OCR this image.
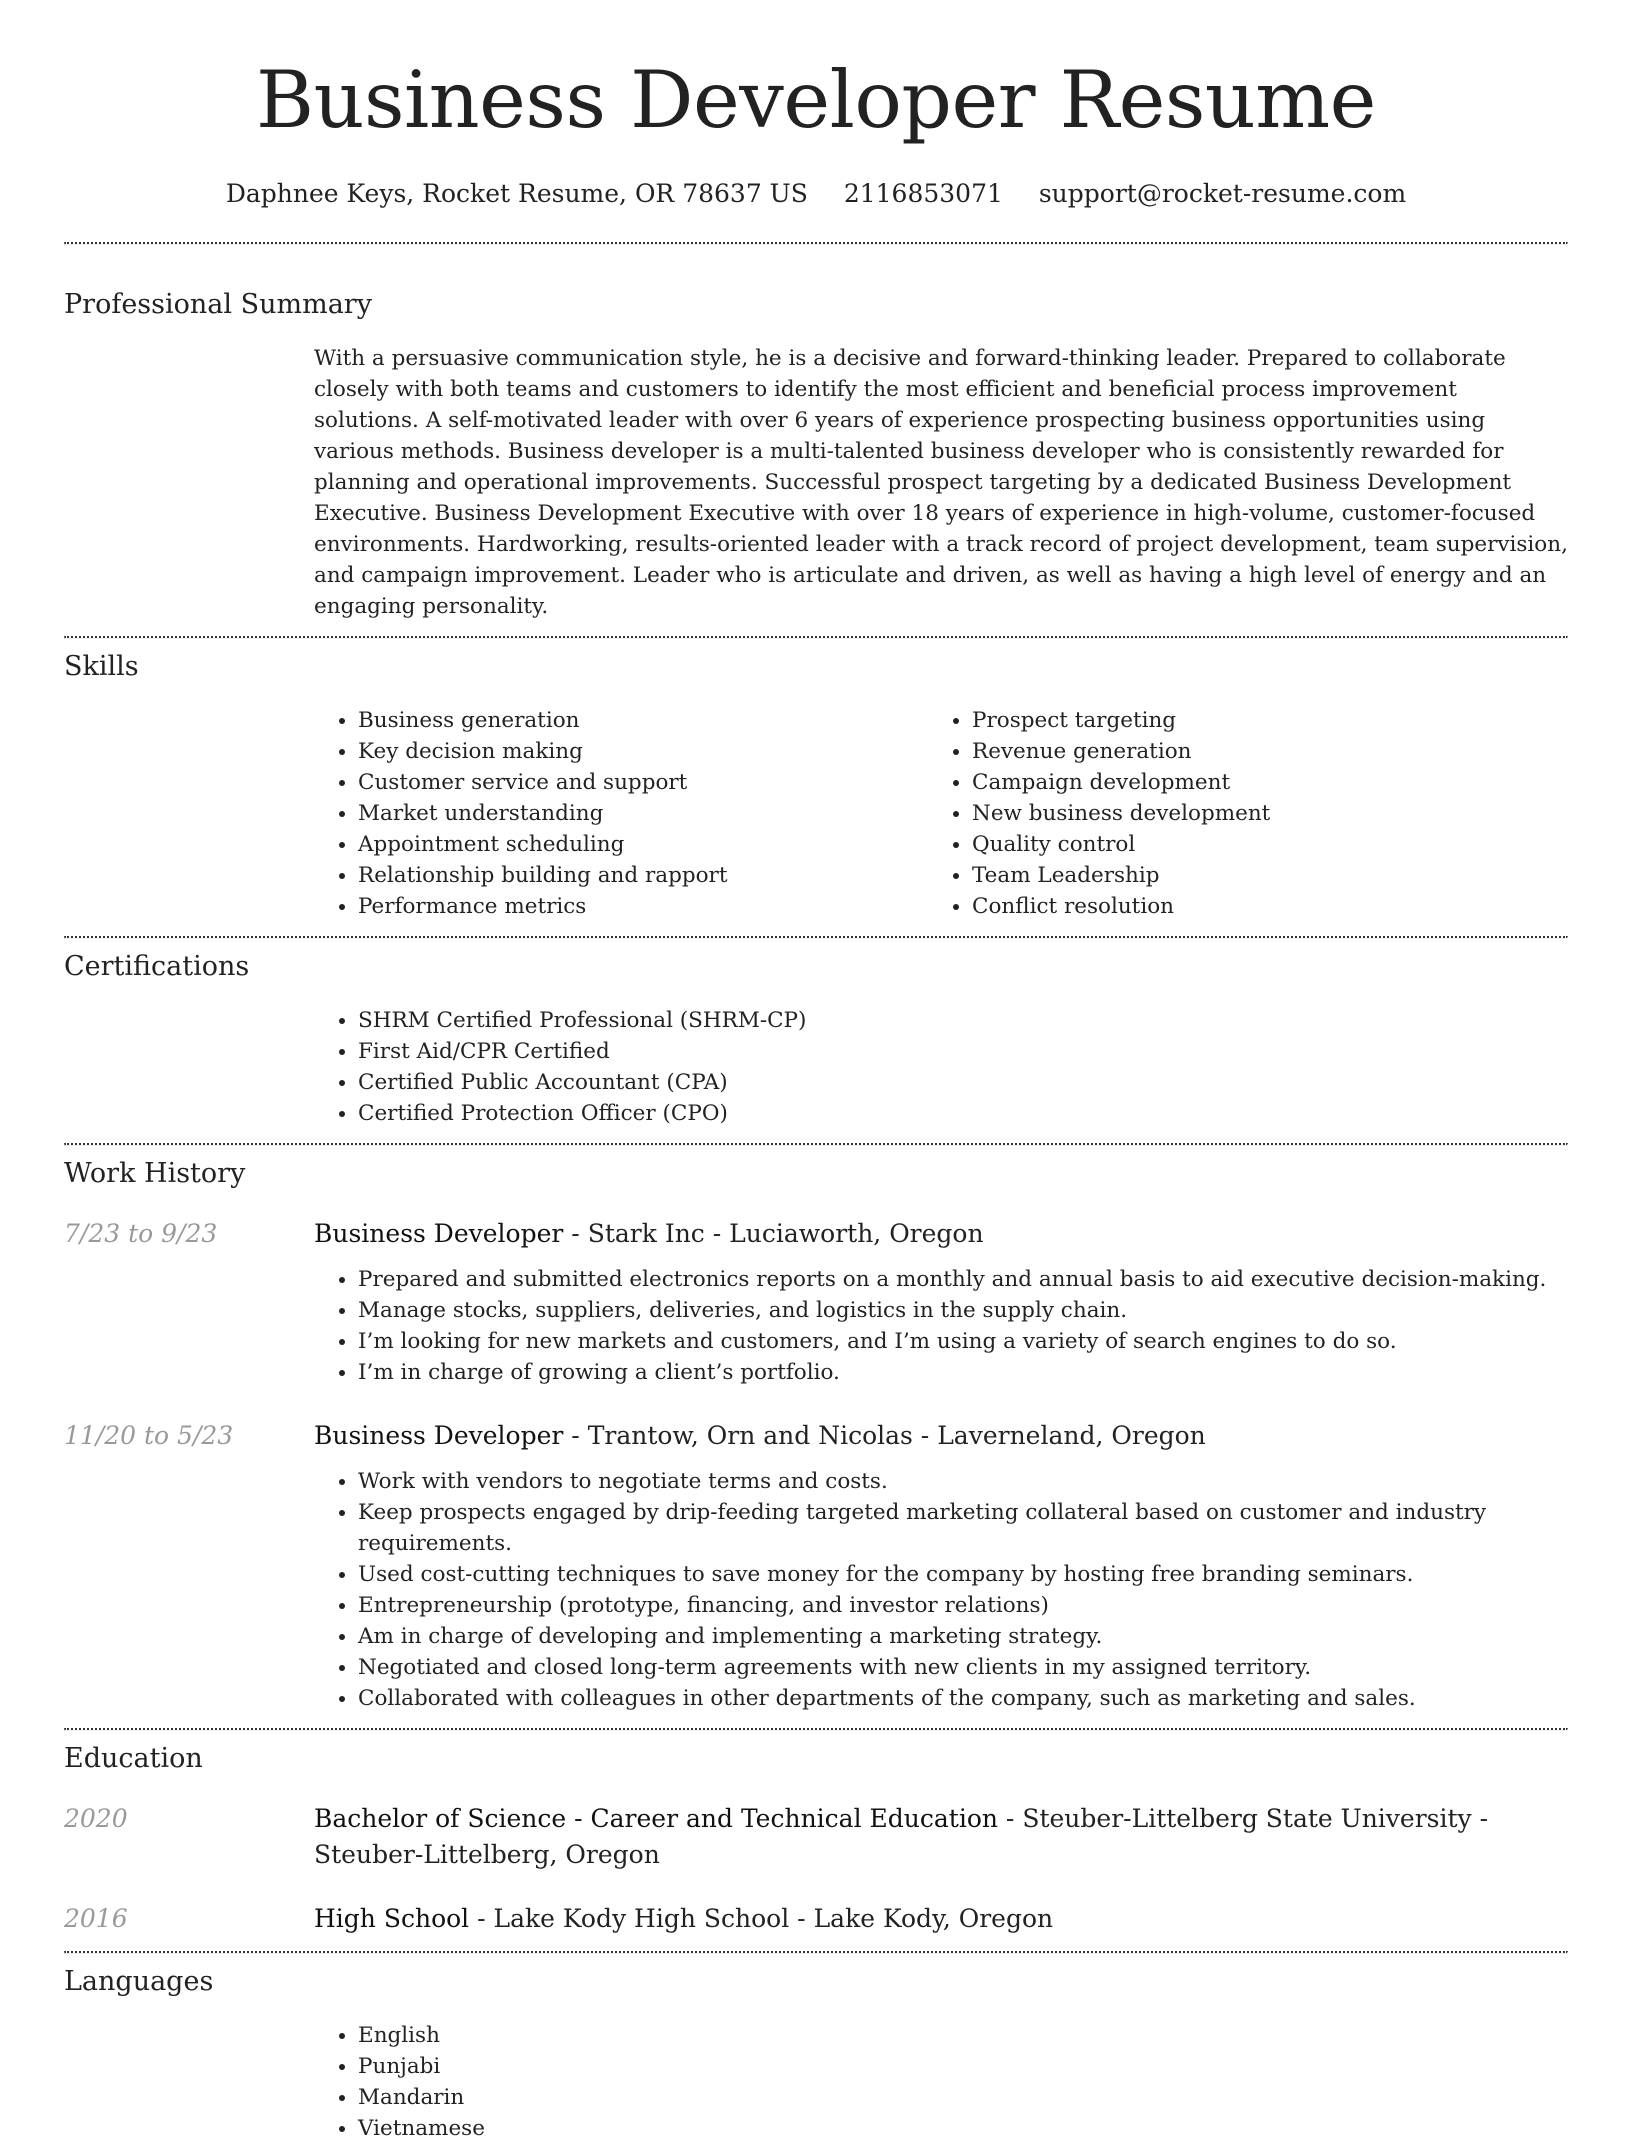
Business Developer Resume
Daphnee Keys, Rocket Resume, OR 78637 US 2116853071 support@rocket-resume.com
Professional Summary

With a persuasive communication style, he is a decisive and forward-thinking leader. Prepared to collaborate closely with both teams and customers to identify the most efficient and beneficial process improvement solutions. A self-motivated leader with over 6 years of experience prospecting business opportunities using various methods. Business developer is a multi-talented business developer who is consistently rewarded for planning and operational improvements. Successful prospect targeting by a dedicated Business Development Executive. Business Development Executive with over 18 years of experience in high-volume, customer-focused environments. Hardworking, results-oriented leader with a track record of project development, team supervision, and campaign improvement. Leader who is articulate and driven, as well as having a high level of energy and an engaging personality.

Skills
• Business generation
• Key decision making
• Customer service and support
• Market understanding
• Appointment scheduling
• Relationship building and rapport
• Performance metrics
• Prospect targeting
• Revenue generation
• Campaign development
• New business development
• Quality control
• Team Leadership
• Conflict resolution
Certifications
• SHRM Certified Professional (SHRM-CP)
• First Aid/CPR Certified
• Certified Public Accountant (CPA)
• Certified Protection Officer (CPO)
Work History
7/23 to 9/23	Business Developer - Stark Inc - Luciaworth, Oregon

• Prepared and submitted electronics reports on a monthly and annual basis to aid executive decision-making.
• Manage stocks, suppliers, deliveries, and logistics in the supply chain.
• I’m looking for new markets and customers, and I’m using a variety of search engines to do so.
• I’m in charge of growing a client’s portfolio.
11/20 to 5/23	Business Developer - Trantow, Orn and Nicolas - Laverneland, Oregon

• Work with vendors to negotiate terms and costs.
• Keep prospects engaged by drip-feeding targeted marketing collateral based on customer and industry requirements.
• Used cost-cutting techniques to save money for the company by hosting free branding seminars.
• Entrepreneurship (prototype, financing, and investor relations)
• Am in charge of developing and implementing a marketing strategy.
• Negotiated and closed long-term agreements with new clients in my assigned territory.
• Collaborated with colleagues in other departments of the company, such as marketing and sales.
Education
2020	Bachelor of Science - Career and Technical Education - Steuber-Littelberg State University - Steuber-Littelberg, Oregon

2016	High School - Lake Kody High School - Lake Kody, Oregon

Languages
• English
• Punjabi
• Mandarin
• Vietnamese
